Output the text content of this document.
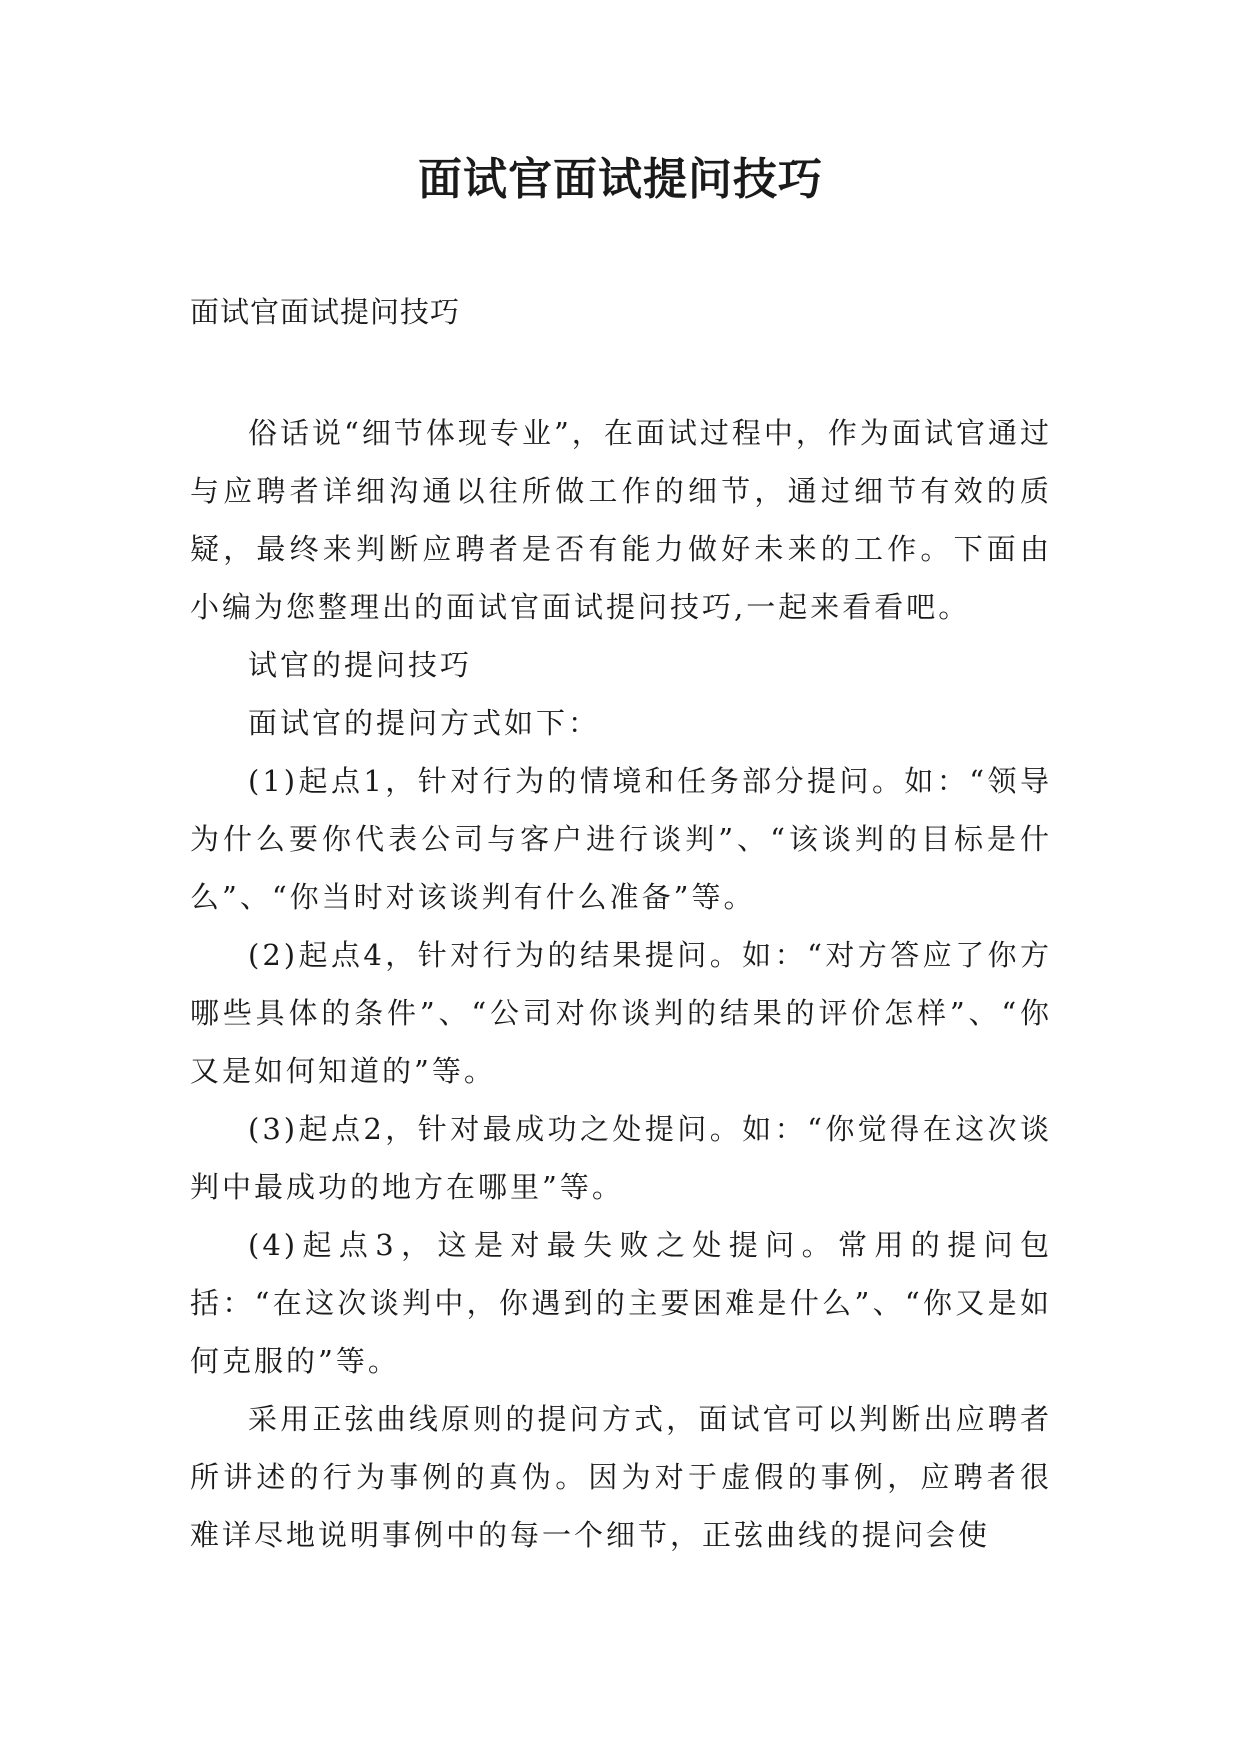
面试官面试提问技巧
面试官面试提问技巧

俗话说“细节体现专业”，在面试过程中，作为面试官通过与应聘者详细沟通以往所做工作的细节，通过细节有效的质疑，最终来判断应聘者是否有能力做好未来的工作。下面由小编为您整理出的面试官面试提问技巧,一起来看看吧。

试官的提问技巧

面试官的提问方式如下：

(1)起点1，针对行为的情境和任务部分提问。如：“领导为什么要你代表公司与客户进行谈判”、“该谈判的目标是什么”、“你当时对该谈判有什么准备”等。

(2)起点4，针对行为的结果提问。如：“对方答应了你方哪些具体的条件”、“公司对你谈判的结果的评价怎样”、“你又是如何知道的”等。

(3)起点2，针对最成功之处提问。如：“你觉得在这次谈判中最成功的地方在哪里”等。

(4)起点3，这是对最失败之处提问。常用的提问包括：“在这次谈判中，你遇到的主要困难是什么”、“你又是如何克服的”等。

采用正弦曲线原则的提问方式，面试官可以判断出应聘者所讲述的行为事例的真伪。因为对于虚假的事例，应聘者很难详尽地说明事例中的每一个细节，正弦曲线的提问会使
